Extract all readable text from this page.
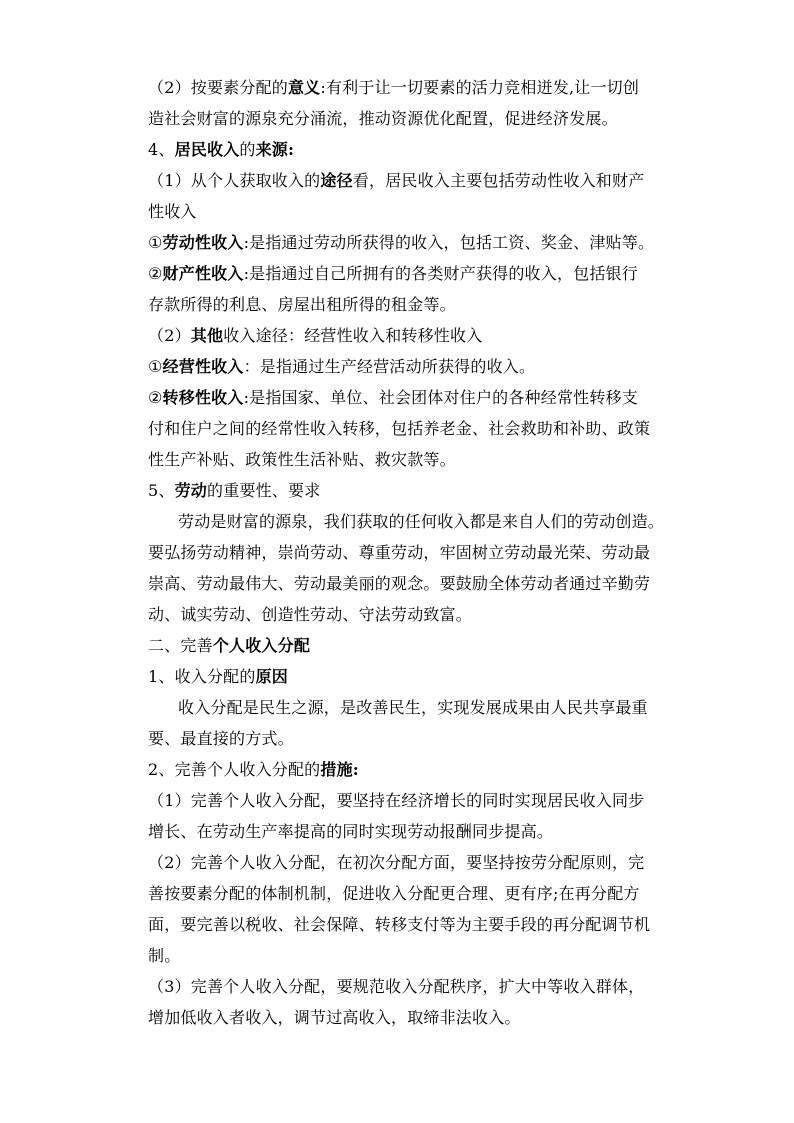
（2）按要素分配的意义:有利于让一切要素的活力竞相迸发,让一切创
造社会财富的源泉充分涌流，推动资源优化配置，促进经济发展。
4、居民收入的来源:
（1）从个人获取收入的途径看，居民收入主要包括劳动性收入和财产
性收入
①劳动性收入:是指通过劳动所获得的收入，包括工资、奖金、津贴等。
②财产性收入:是指通过自己所拥有的各类财产获得的收入，包括银行
存款所得的利息、房屋出租所得的租金等。
（2）其他收入途径：经营性收入和转移性收入
①经营性收入：是指通过生产经营活动所获得的收入。
②转移性收入:是指国家、单位、社会团体对住户的各种经常性转移支
付和住户之间的经常性收入转移，包括养老金、社会救助和补助、政策
性生产补贴、政策性生活补贴、救灾款等。
5、劳动的重要性、要求
劳动是财富的源泉，我们获取的任何收入都是来自人们的劳动创造。
要弘扬劳动精神，崇尚劳动、尊重劳动，牢固树立劳动最光荣、劳动最
崇高、劳动最伟大、劳动最美丽的观念。要鼓励全体劳动者通过辛勤劳
动、诚实劳动、创造性劳动、守法劳动致富。
二、完善个人收入分配
1、收入分配的原因
收入分配是民生之源，是改善民生，实现发展成果由人民共享最重
要、最直接的方式。
2、完善个人收入分配的措施:
（1）完善个人收入分配，要坚持在经济增长的同时实现居民收入同步
增长、在劳动生产率提高的同时实现劳动报酬同步提高。
（2）完善个人收入分配，在初次分配方面，要坚持按劳分配原则，完
善按要素分配的体制机制，促进收入分配更合理、更有序;在再分配方
面，要完善以税收、社会保障、转移支付等为主要手段的再分配调节机
制。
（3）完善个人收入分配，要规范收入分配秩序，扩大中等收入群体，
增加低收入者收入，调节过高收入，取缔非法收入。
